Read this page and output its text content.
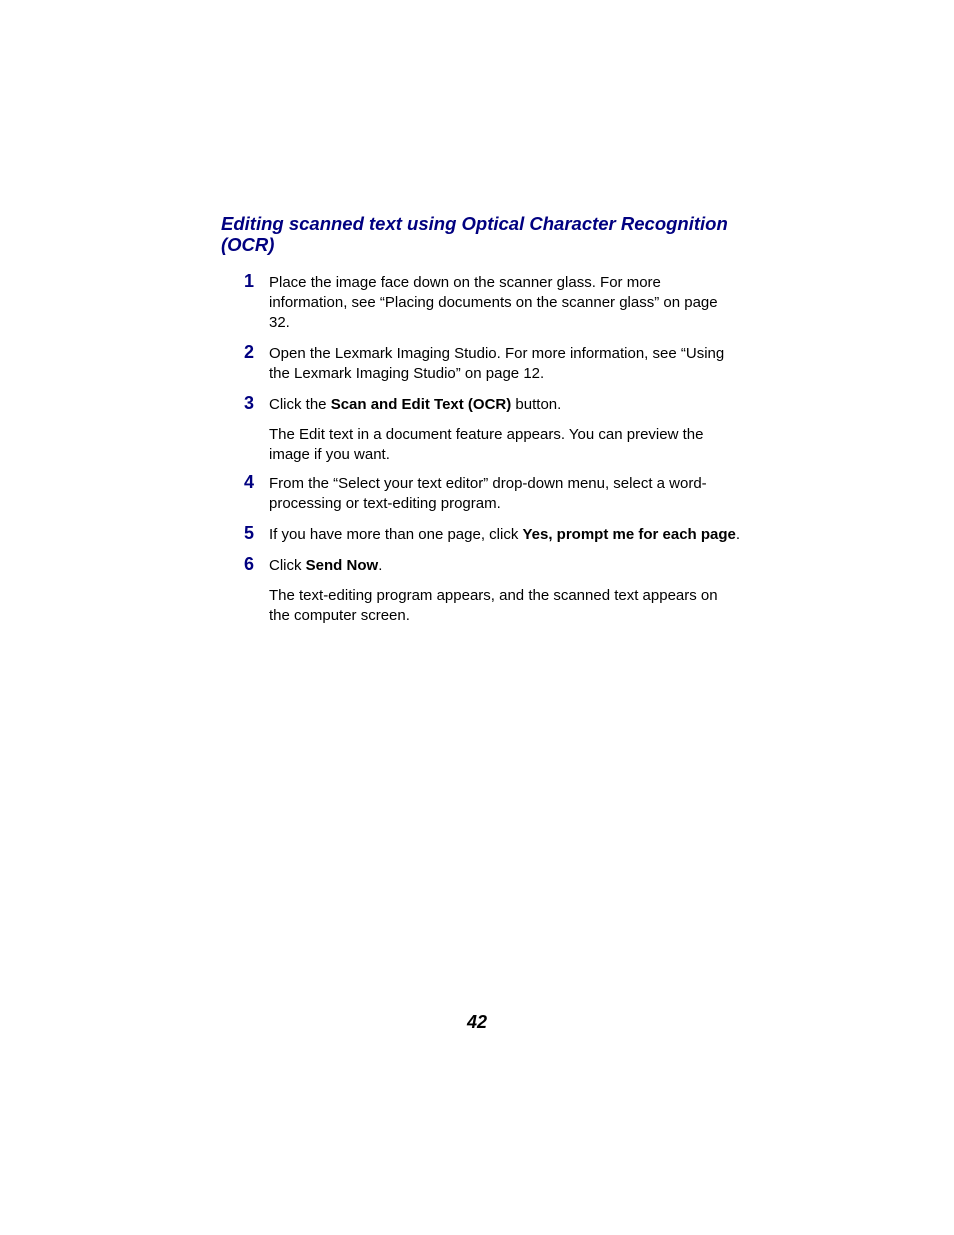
Editing scanned text using Optical Character Recognition (OCR)
1 Place the image face down on the scanner glass. For more information, see “Placing documents on the scanner glass” on page 32.

2 Open the Lexmark Imaging Studio. For more information, see “Using the Lexmark Imaging Studio” on page 12.

3 Click the Scan and Edit Text (OCR) button.

The Edit text in a document feature appears. You can preview the image if you want.

4 From the “Select your text editor” drop-down menu, select a word-processing or text-editing program.

5 If you have more than one page, click Yes, prompt me for each page.

6 Click Send Now.

The text-editing program appears, and the scanned text appears on the computer screen.

42
